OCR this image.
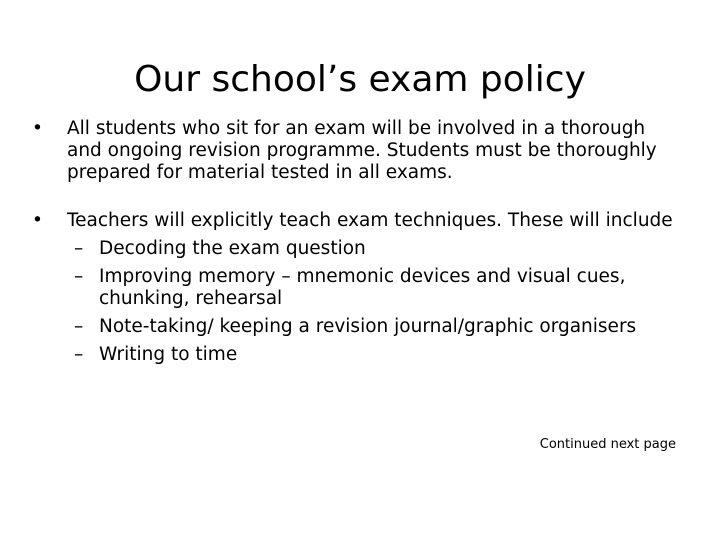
Our school’s exam policy
• All students who sit for an exam will be involved in a thorough and ongoing revision programme. Students must be thoroughly prepared for material tested in all exams.
• Teachers will explicitly teach exam techniques. These will include
– Decoding the exam question
– Improving memory – mnemonic devices and visual cues, chunking, rehearsal
– Note-taking/ keeping a revision journal/graphic organisers
– Writing to time
Continued next page
